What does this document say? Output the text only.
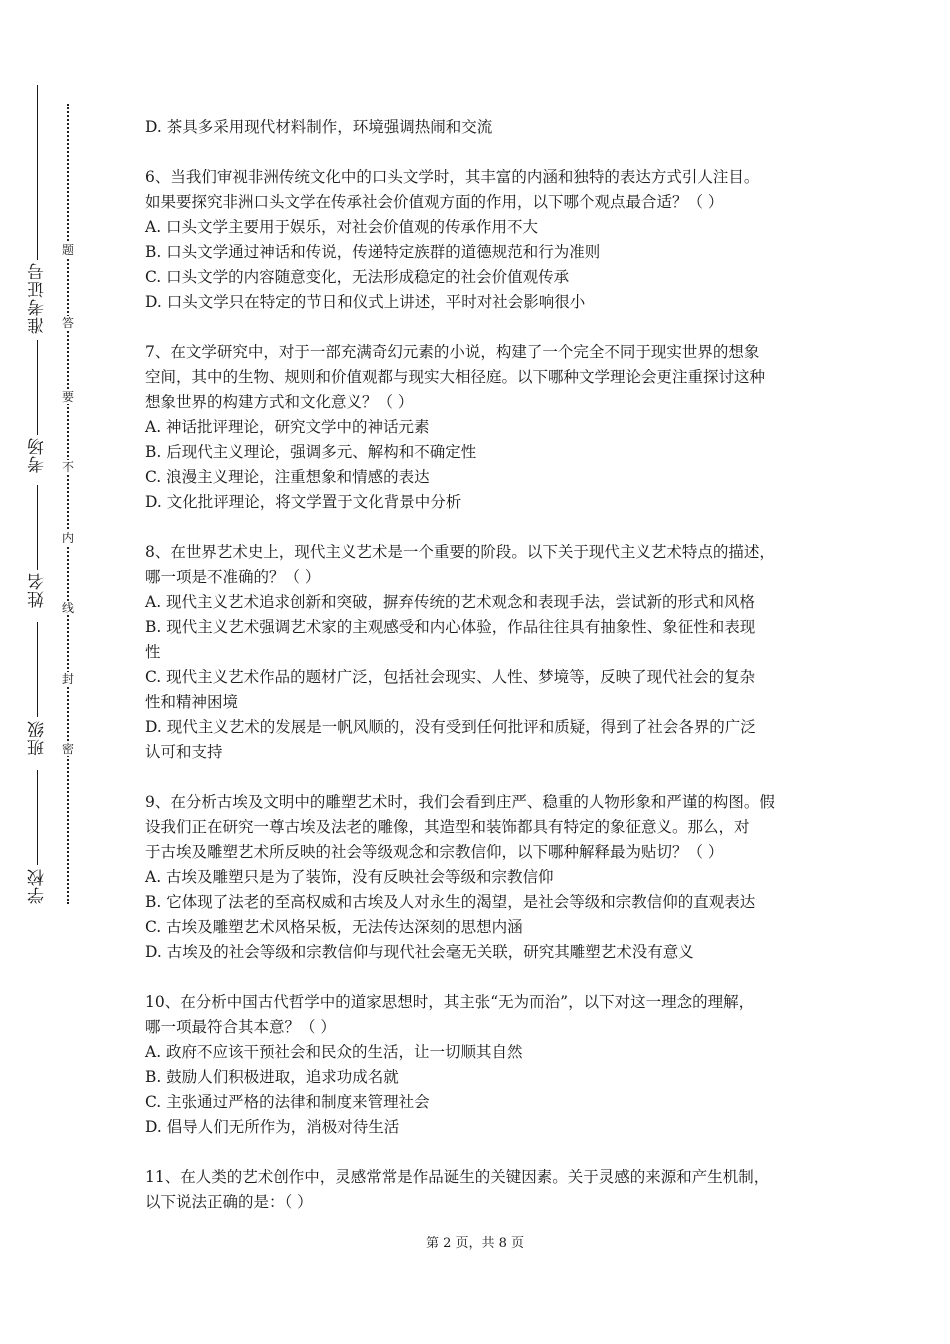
准考证号
考场
姓名
班级
学校
题
答
要
不
内
线
封
密

D. 茶具多采用现代材料制作，环境强调热闹和交流

6、当我们审视非洲传统文化中的口头文学时，其丰富的内涵和独特的表达方式引人注目。

如果要探究非洲口头文学在传承社会价值观方面的作用，以下哪个观点最合适？（ ）

A. 口头文学主要用于娱乐，对社会价值观的传承作用不大

B. 口头文学通过神话和传说，传递特定族群的道德规范和行为准则

C. 口头文学的内容随意变化，无法形成稳定的社会价值观传承

D. 口头文学只在特定的节日和仪式上讲述，平时对社会影响很小

7、在文学研究中，对于一部充满奇幻元素的小说，构建了一个完全不同于现实世界的想象

空间，其中的生物、规则和价值观都与现实大相径庭。以下哪种文学理论会更注重探讨这种

想象世界的构建方式和文化意义？（ ）

A. 神话批评理论，研究文学中的神话元素

B. 后现代主义理论，强调多元、解构和不确定性

C. 浪漫主义理论，注重想象和情感的表达

D. 文化批评理论，将文学置于文化背景中分析

8、在世界艺术史上，现代主义艺术是一个重要的阶段。以下关于现代主义艺术特点的描述，

哪一项是不准确的？（ ）

A. 现代主义艺术追求创新和突破，摒弃传统的艺术观念和表现手法，尝试新的形式和风格

B. 现代主义艺术强调艺术家的主观感受和内心体验，作品往往具有抽象性、象征性和表现

性

C. 现代主义艺术作品的题材广泛，包括社会现实、人性、梦境等，反映了现代社会的复杂

性和精神困境

D. 现代主义艺术的发展是一帆风顺的，没有受到任何批评和质疑，得到了社会各界的广泛

认可和支持

9、在分析古埃及文明中的雕塑艺术时，我们会看到庄严、稳重的人物形象和严谨的构图。假

设我们正在研究一尊古埃及法老的雕像，其造型和装饰都具有特定的象征意义。那么，对

于古埃及雕塑艺术所反映的社会等级观念和宗教信仰，以下哪种解释最为贴切？（ ）

A. 古埃及雕塑只是为了装饰，没有反映社会等级和宗教信仰

B. 它体现了法老的至高权威和古埃及人对永生的渴望，是社会等级和宗教信仰的直观表达

C. 古埃及雕塑艺术风格呆板，无法传达深刻的思想内涵

D. 古埃及的社会等级和宗教信仰与现代社会毫无关联，研究其雕塑艺术没有意义

10、在分析中国古代哲学中的道家思想时，其主张“无为而治”，以下对这一理念的理解，

哪一项最符合其本意？（ ）

A. 政府不应该干预社会和民众的生活，让一切顺其自然

B. 鼓励人们积极进取，追求功成名就

C. 主张通过严格的法律和制度来管理社会

D. 倡导人们无所作为，消极对待生活

11、在人类的艺术创作中，灵感常常是作品诞生的关键因素。关于灵感的来源和产生机制，

以下说法正确的是：（ ）

第 2 页，共 8 页
